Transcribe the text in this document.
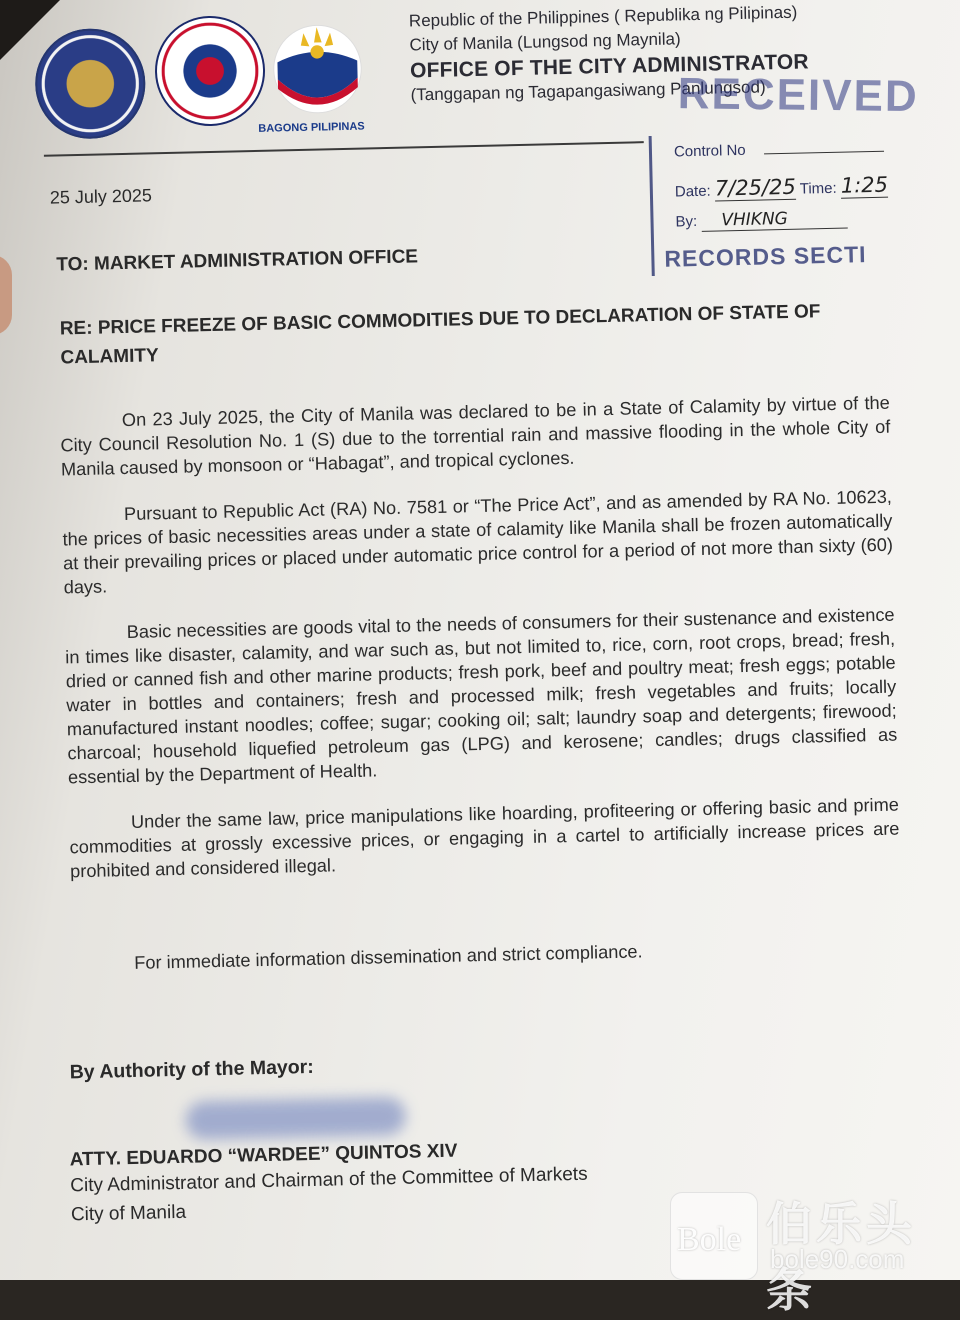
BAGONG PILIPINAS

Republic of the Philippines ( Republika ng Pilipinas)

City of Manila (Lungsod ng Maynila)

OFFICE OF THE CITY ADMINISTRATOR

(Tanggapan ng Tagapangasiwang Panlungsod)

RECEIVED
Control No
Date: 7/25/25 Time: 1:25
By: VHIKNG
RECORDS SECTI
25 July 2025
TO: MARKET ADMINISTRATION OFFICE
RE: PRICE FREEZE OF BASIC COMMODITIES DUE TO DECLARATION OF STATE OF CALAMITY

On 23 July 2025, the City of Manila was declared to be in a State of Calamity by virtue of the City Council Resolution No. 1 (S) due to the torrential rain and massive flooding in the whole City of Manila caused by monsoon or “Habagat”, and tropical cyclones.

Pursuant to Republic Act (RA) No. 7581 or “The Price Act”, and as amended by RA No. 10623, the prices of basic necessities areas under a state of calamity like Manila shall be frozen automatically at their prevailing prices or placed under automatic price control for a period of not more than sixty (60) days.

Basic necessities are goods vital to the needs of consumers for their sustenance and existence in times like disaster, calamity, and war such as, but not limited to, rice, corn, root crops, bread; fresh, dried or canned fish and other marine products; fresh pork, beef and poultry meat; fresh eggs; potable water in bottles and containers; fresh and processed milk; fresh vegetables and fruits; locally manufactured instant noodles; coffee; sugar; cooking oil; salt; laundry soap and detergents; firewood; charcoal; household liquefied petroleum gas (LPG) and kerosene; candles; drugs classified as essential by the Department of Health.

Under the same law, price manipulations like hoarding, profiteering or offering basic and prime commodities at grossly excessive prices, or engaging in a cartel to artificially increase prices are prohibited and considered illegal.

For immediate information dissemination and strict compliance.
By Authority of the Mayor:
ATTY. EDUARDO “WARDEE” QUINTOS XIV
City Administrator and Chairman of the Committee of Markets
City of Manila
Bole 伯乐头条
bole90.com
